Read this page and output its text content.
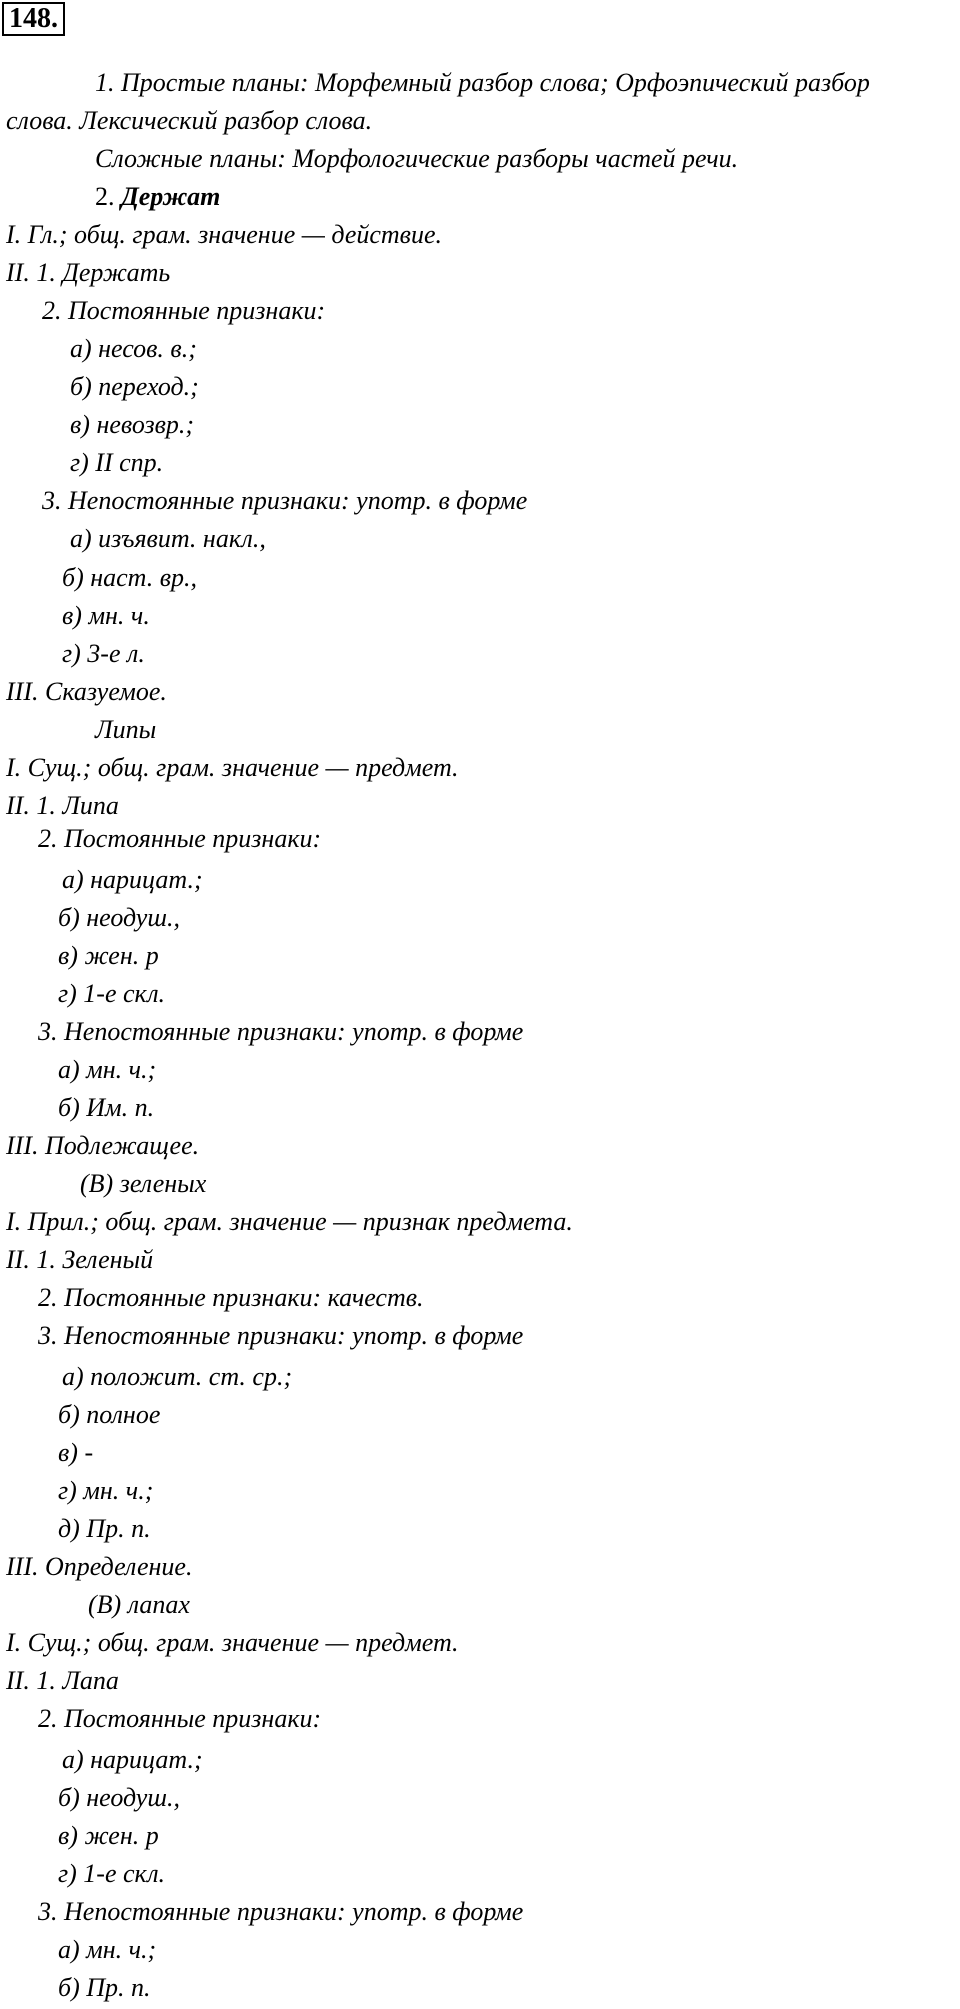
148.
1. Простые планы: Морфемный разбор слова; Орфоэпический разбор
слова. Лексический разбор слова.
Сложные планы: Морфологические разборы частей речи.
2. Держат
I. Гл.; общ. грам. значение — действие.
II. 1. Держать
2. Постоянные признаки:
а) несов. в.;
б) переход.;
в) невозвр.;
г) II спр.
3. Непостоянные признаки: употр. в форме
а) изъявит. накл.,
б) наст. вр.,
в) мн. ч.
г) 3-е л.
III. Сказуемое.
Липы
I. Сущ.; общ. грам. значение — предмет.
II. 1. Липа
2. Постоянные признаки:
а) нарицат.;
б) неодуш.,
в) жен. р
г) 1-е скл.
3. Непостоянные признаки: употр. в форме
а) мн. ч.;
б) Им. п.
III. Подлежащее.
(В) зеленых
I. Прил.; общ. грам. значение — признак предмета.
II. 1. Зеленый
2. Постоянные признаки: качеств.
3. Непостоянные признаки: употр. в форме
а) положит. ст. ср.;
б) полное
в) -
г) мн. ч.;
д) Пр. п.
III. Определение.
(В) лапах
I. Сущ.; общ. грам. значение — предмет.
II. 1. Лапа
2. Постоянные признаки:
а) нарицат.;
б) неодуш.,
в) жен. р
г) 1-е скл.
3. Непостоянные признаки: употр. в форме
а) мн. ч.;
б) Пр. п.
